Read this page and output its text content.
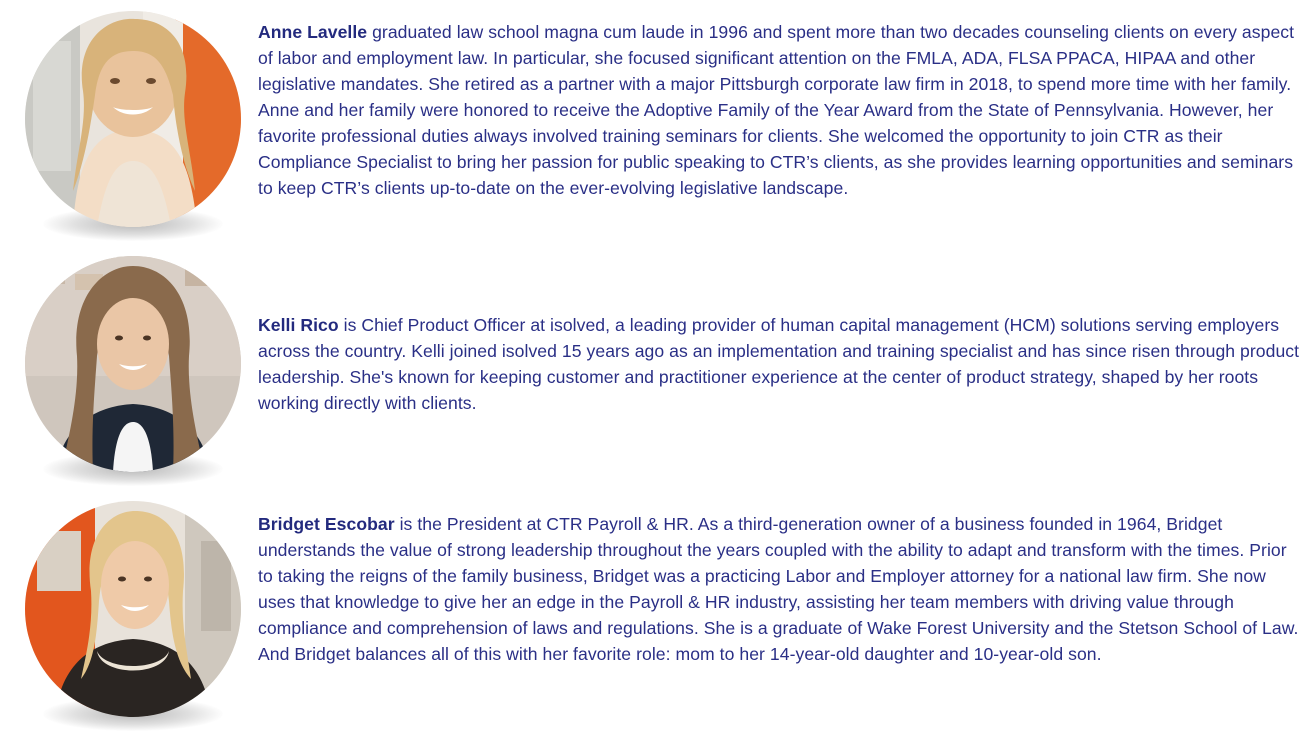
Anne Lavelle graduated law school magna cum laude in 1996 and spent more than two decades counseling clients on every aspect of labor and employment law. In particular, she focused significant attention on the FMLA, ADA, FLSA PPACA, HIPAA and other legislative mandates. She retired as a partner with a major Pittsburgh corporate law firm in 2018, to spend more time with her family. Anne and her family were honored to receive the Adoptive Family of the Year Award from the State of Pennsylvania. However, her favorite professional duties always involved training seminars for clients. She welcomed the opportunity to join CTR as their Compliance Specialist to bring her passion for public speaking to CTR’s clients, as she provides learning opportunities and seminars to keep CTR’s clients up-to-date on the ever-evolving legislative landscape.

Kelli Rico is Chief Product Officer at isolved, a leading provider of human capital management (HCM) solutions serving employers across the country. Kelli joined isolved 15 years ago as an implementation and training specialist and has since risen through product leadership. She's known for keeping customer and practitioner experience at the center of product strategy, shaped by her roots working directly with clients.

Bridget Escobar is the President at CTR Payroll & HR. As a third-generation owner of a business founded in 1964, Bridget understands the value of strong leadership throughout the years coupled with the ability to adapt and transform with the times. Prior to taking the reigns of the family business, Bridget was a practicing Labor and Employer attorney for a national law firm. She now uses that knowledge to give her an edge in the Payroll & HR industry, assisting her team members with driving value through compliance and comprehension of laws and regulations. She is a graduate of Wake Forest University and the Stetson School of Law. And Bridget balances all of this with her favorite role: mom to her 14-year-old daughter and 10-year-old son.
